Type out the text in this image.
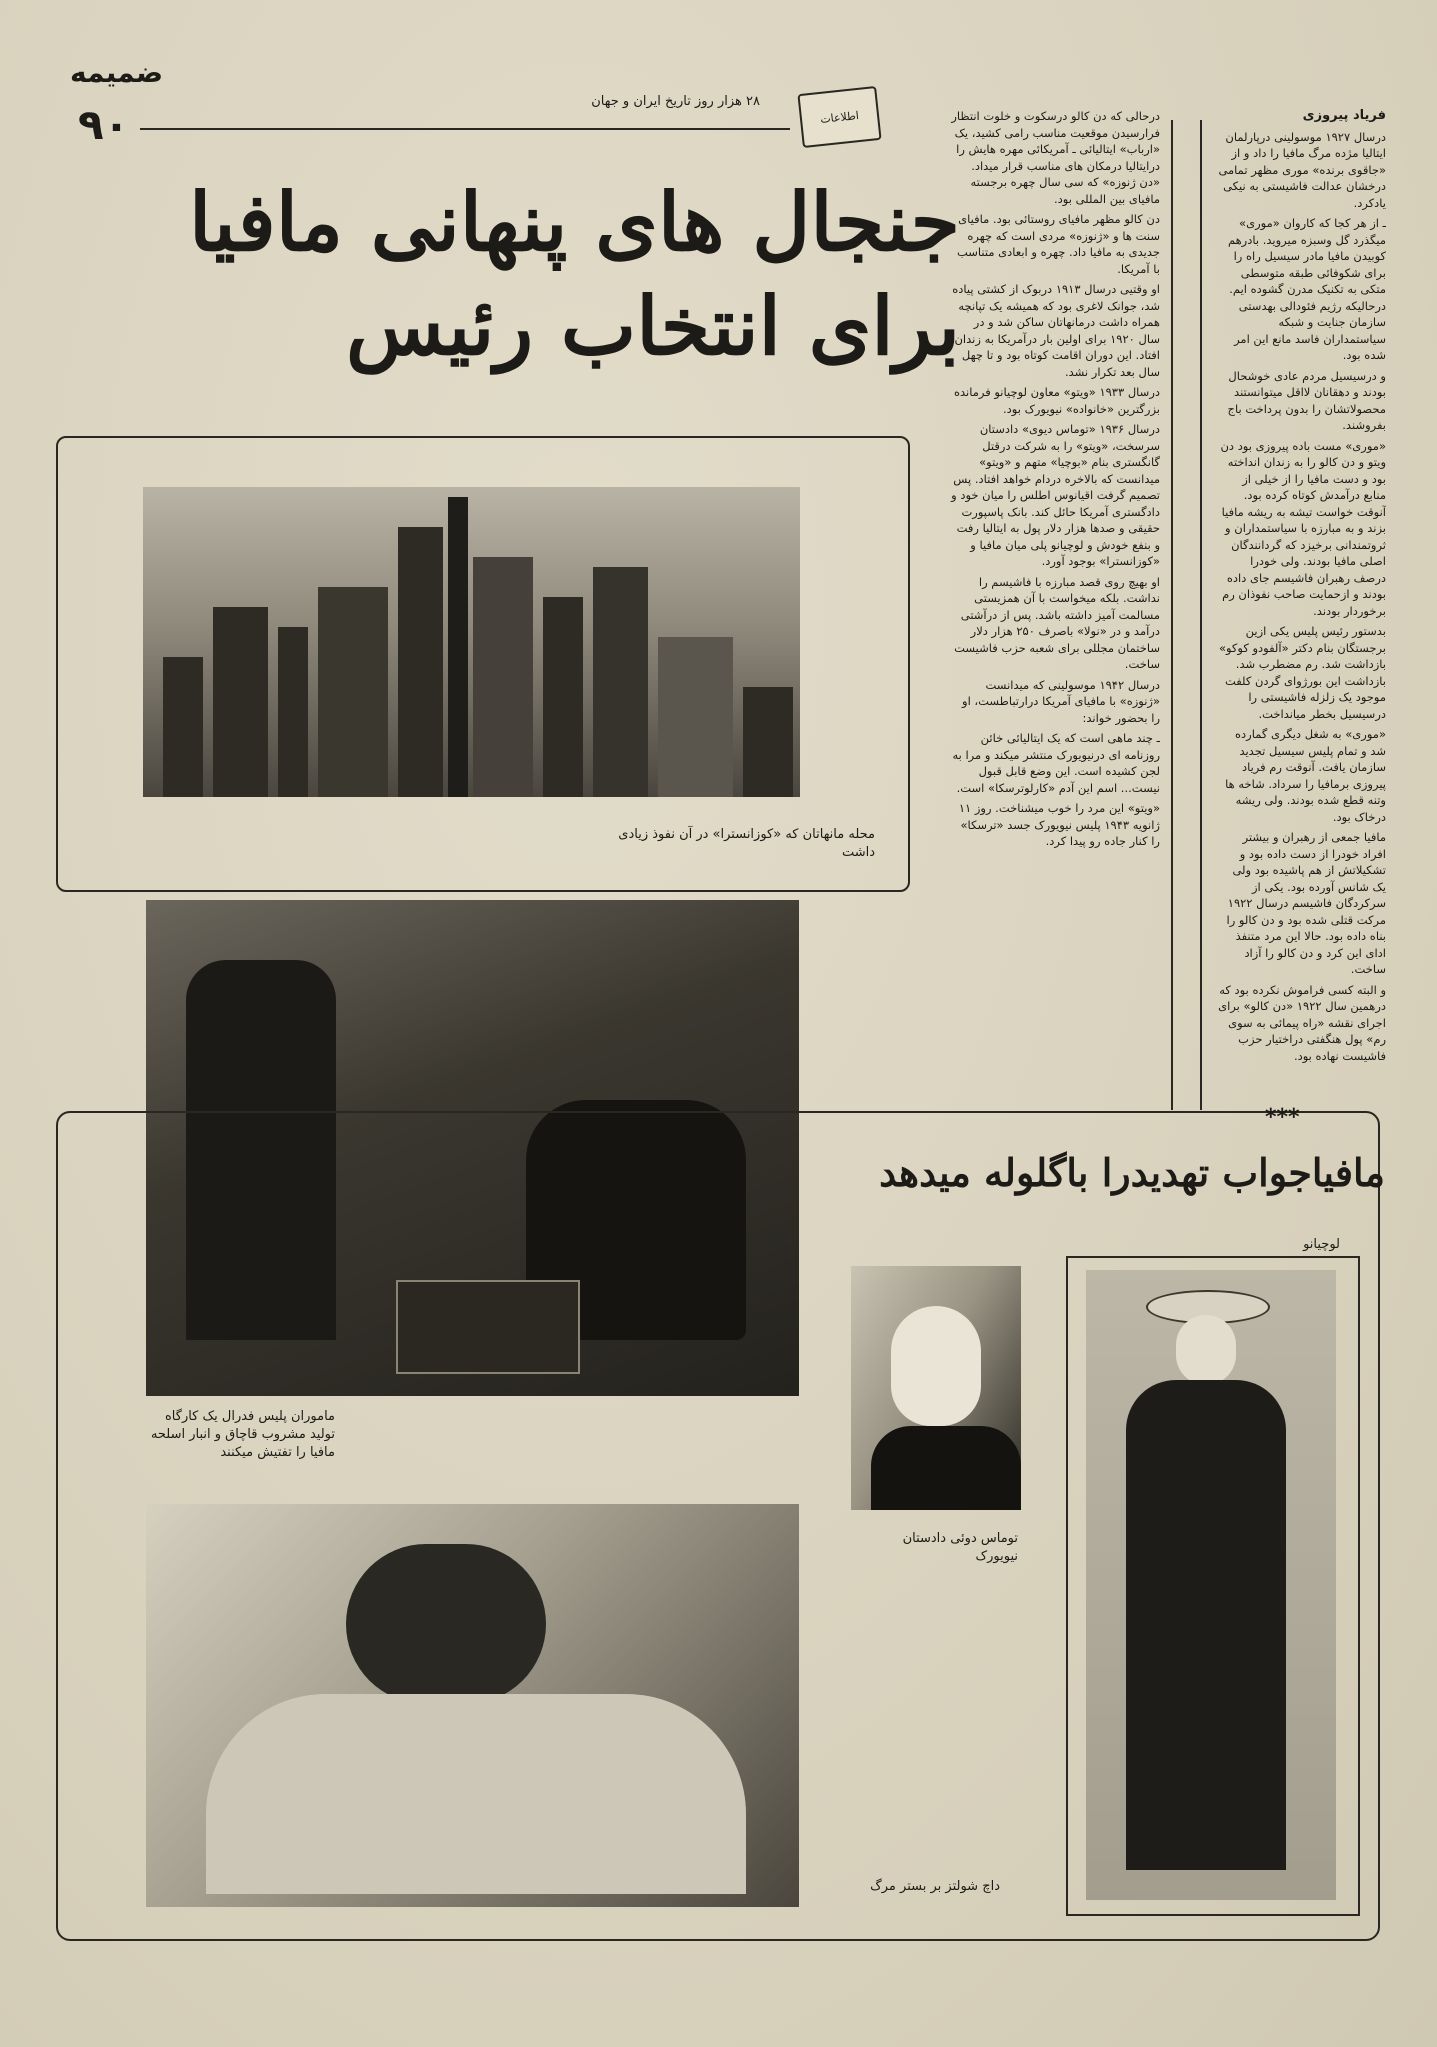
ضمیمه
۹۰	۲۸ هزار روز تاریخ ایران و جهان
اطلاعات
جنجال های پنهانی مافیا
برای انتخاب رئیس
محله مانهاتان که «کوزانسترا» در آن نفوذ زیادی داشت
ماموران پلیس فدرال یک کارگاه تولید مشروب قاچاق و انبار اسلحه مافیا را تفتیش میکنند
مافیاجواب تهدیدرا باگلوله میدهد
***
توماس دوئی دادستان نیویورک
لوچیانو
داچ شولتز بر بستر مرگ

فریاد پیروزی

درسال ۱۹۲۷ موسولینی درپارلمان ایتالیا مژده مرگ مافیا را داد و از «جاقوی برنده» موری مظهر تمامی درخشان عدالت فاشیستی به نیکی یادکرد.

ـ از هر کجا که کاروان «موری» میگذرد گل وسبزه میروید. بادرهم کوبیدن مافیا مادر سیسیل راه را برای شکوفائی طبقه متوسطی متکی به تکنیک مدرن گشوده ایم. درحالیکه رژیم فئودالی بهدستی سازمان جنایت و شبکه سیاستمداران فاسد مانع این امر شده بود.

و درسیسیل مردم عادی خوشحال بودند و دهقانان لااقل میتوانستند محصولاتشان را بدون پرداخت باج بفروشند.

«موری» مست باده پیروزی بود دن ویتو و دن کالو را به زندان انداخته بود و دست مافیا را از خیلی از منابع درآمدش کوتاه کرده بود. آنوقت خواست تیشه به ریشه مافیا بزند و به مبارزه با سیاستمداران و ثروتمندانی برخیزد که گردانندگان اصلی مافیا بودند. ولی خودرا درصف رهبران فاشیسم جای داده بودند و ازحمایت صاحب نفوذان رم برخوردار بودند.

بدستور رئیس پلیس یکی ازین برجستگان بنام دکتر «آلفودو کوکو» بازداشت شد. رم مضطرب شد. بازداشت این بورژوای گردن کلفت موجود یک زلزله فاشیستی را درسیسیل بخطر میانداخت.

«موری» به شغل دیگری گمارده شد و تمام پلیس سیسیل تجدید سازمان یافت. آنوقت رم فریاد پیروزی برمافیا را سرداد. شاخه ها وتنه قطع شده بودند. ولی ریشه درخاک بود.

مافیا جمعی از رهبران و بیشتر افراد خودرا از دست داده بود و تشکیلاتش از هم پاشیده بود ولی یک شانس آورده بود. یکی از سرکردگان فاشیسم درسال ۱۹۲۲ مرکت قتلی شده بود و دن کالو را بناه داده بود. حالا این مرد متنفذ ادای این کرد و دن کالو را آزاد ساخت.

و البته کسی فراموش نکرده بود که درهمین سال ۱۹۲۲ «دن کالو» برای اجرای نقشه «راه پیمائی به سوی رم» پول هنگفتی دراختیار حزب فاشیست نهاده بود.

درحالی که دن کالو درسکوت و خلوت انتظار فرارسیدن موقعیت مناسب رامی کشید، یک «ارباب» ایتالیائی ـ آمریکائی مهره هایش را درایتالیا درمکان های مناسب قرار میداد. «دن ژنوزه» که سی سال چهره برجسته مافیای بین المللی بود.

دن کالو مظهر مافیای روستائی بود. مافیای سنت ها و «ژنوزه» مردی است که چهره جدیدی به مافیا داد. چهره و ابعادی متناسب با آمریکا.

او وقتیی درسال ۱۹۱۳ دربوک از کشتی پیاده شد، جوانک لاغری بود که همیشه یک تپانچه همراه داشت درمانهاتان ساکن شد و در سال ۱۹۲۰ برای اولین بار درآمریکا به زندان افتاد. این دوران اقامت کوتاه بود و تا چهل سال بعد تکرار نشد.

درسال ۱۹۳۳ «ویتو» معاون لوچیانو فرمانده بزرگترین «خانواده» نیویورک بود.

درسال ۱۹۳۶ «توماس دیوی» دادستان سرسخت، «ویتو» را به شرکت درقتل گانگستری بنام «بوچیا» متهم و «ویتو» میدانست که بالاخره دردام خواهد افتاد. پس تصمیم گرفت اقیانوس اطلس را میان خود و دادگستری آمریکا حائل کند. بانک پاسپورت حقیقی و صدها هزار دلار پول به ایتالیا رفت و بنفع خودش و لوچیانو پلی میان مافیا و «کوزانسترا» بوجود آورد.

او بهیچ روی قصد مبارزه با فاشیسم را نداشت. بلکه میخواست با آن همزیستی مسالمت آمیز داشته باشد. پس از درآشتی درآمد و در «نولا» باصرف ۲۵۰ هزار دلار ساختمان مجللی برای شعبه حزب فاشیست ساخت.

درسال ۱۹۴۲ موسولینی که میدانست «ژنوزه» با مافیای آمریکا درارتباطست، او را بحضور خواند:

ـ چند ماهی است که یک ایتالیائی خائن روزنامه ای درنیویورک منتشر میکند و مرا به لجن کشیده است. این وضع قابل قبول نیست... اسم این آدم «کارلوترسکا» است.

«ویتو» این مرد را خوب میشناخت. روز ۱۱ ژانویه ۱۹۴۳ پلیس نیویورک جسد «ترسکا» را کنار جاده رو پیدا کرد.
